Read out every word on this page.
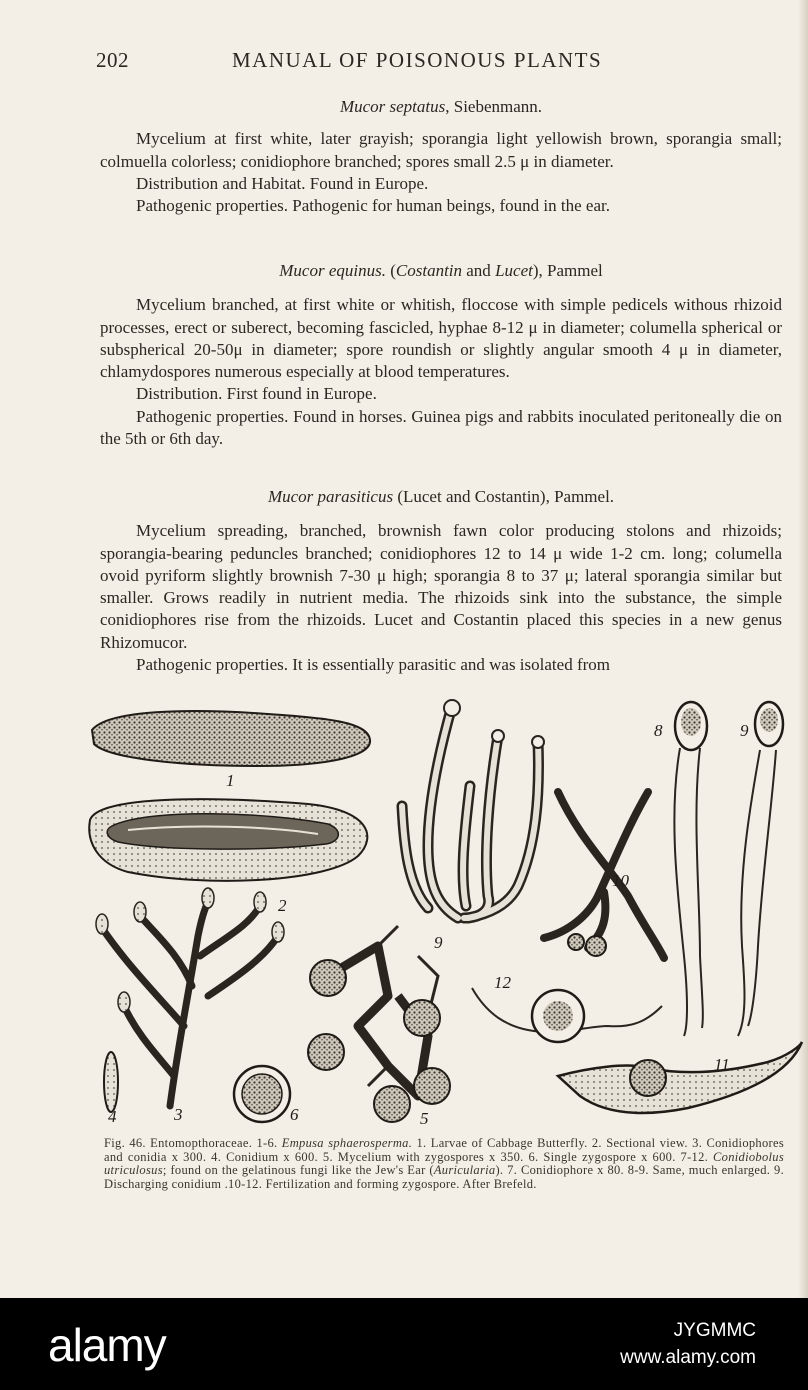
202	MANUAL OF POISONOUS PLANTS
Mucor septatus, Siebenmann.

Mycelium at first white, later grayish; sporangia light yellowish brown, sporangia small; colmuella colorless; conidiophore branched; spores small 2.5 μ in diameter.

Distribution and Habitat. Found in Europe.
Pathogenic properties. Pathogenic for human beings, found in the ear.
Mucor equinus. (Costantin and Lucet), Pammel

Mycelium branched, at first white or whitish, floccose with simple pedicels withous rhizoid processes, erect or suberect, becoming fascicled, hyphae 8-12 μ in diameter; columella spherical or subspherical 20-50μ in diameter; spore roundish or slightly angular smooth 4 μ in diameter, chlamydospores numerous especially at blood temperatures.

Distribution. First found in Europe.

Pathogenic properties. Found in horses. Guinea pigs and rabbits inoculated peritoneally die on the 5th or 6th day.

Mucor parasiticus (Lucet and Costantin), Pammel.

Mycelium spreading, branched, brownish fawn color producing stolons and rhizoids; sporangia-bearing peduncles branched; conidiophores 12 to 14 μ wide 1-2 cm. long; columella ovoid pyriform slightly brownish 7-30 μ high; sporangia 8 to 37 μ; lateral sporangia similar but smaller. Grows readily in nutrient media. The rhizoids sink into the substance, the simple conidiophores rise from the rhizoids. Lucet and Costantin placed this species in a new genus Rhizomucor.

Pathogenic properties. It is essentially parasitic and was isolated from

1
2
3
4	5
6
9
10
8	9
12
11
Fig. 46. Entomopthoraceae. 1-6. Empusa sphaerosperma. 1. Larvae of Cabbage Butterfly. 2. Sectional view. 3. Conidiophores and conidia x 300. 4. Conidium x 600. 5. Mycelium with zygospores x 350. 6. Single zygospore x 600. 7-12. Conidiobolus utriculosus; found on the gelatinous fungi like the Jew's Ear (Auricularia). 7. Conidiophore x 80. 8-9. Same, much enlarged. 9. Discharging conidium .10-12. Fertilization and forming zygospore. After Brefeld.
alamy	JYGMMC
www.alamy.com
